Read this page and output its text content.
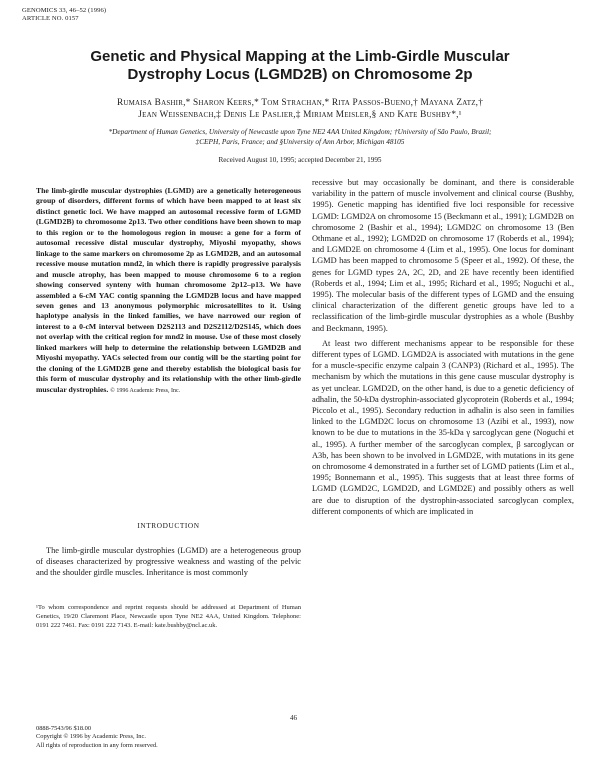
GENOMICS 33, 46–52 (1996)
ARTICLE NO. 0157
Genetic and Physical Mapping at the Limb-Girdle Muscular
Dystrophy Locus (LGMD2B) on Chromosome 2p
Rumaisa Bashir,* Sharon Keers,* Tom Strachan,* Rita Passos-Bueno,† Mayana Zatz,†
Jean Weissenbach,‡ Denis Le Paslier,‡ Miriam Meisler,§ and Kate Bushby*,¹
*Department of Human Genetics, University of Newcastle upon Tyne NE2 4AA United Kingdom; †University of São Paulo, Brazil;
‡CEPH, Paris, France; and §University of Ann Arbor, Michigan 48105
Received August 10, 1995; accepted December 21, 1995
The limb-girdle muscular dystrophies (LGMD) are a genetically heterogeneous group of disorders, different forms of which have been mapped to at least six distinct genetic loci. We have mapped an autosomal recessive form of LGMD (LGMD2B) to chromosome 2p13. Two other conditions have been shown to map to this region or to the homologous region in mouse: a gene for a form of autosomal recessive distal muscular dystrophy, Miyoshi myopathy, shows linkage to the same markers on chromosome 2p as LGMD2B, and an autosomal recessive mouse mutation mnd2, in which there is rapidly progressive paralysis and muscle atrophy, has been mapped to mouse chromosome 6 to a region showing conserved synteny with human chromosome 2p12–p13. We have assembled a 6-cM YAC contig spanning the LGMD2B locus and have mapped seven genes and 13 anonymous polymorphic microsatellites to it. Using haplotype analysis in the linked families, we have narrowed our region of interest to a 0-cM interval between D2S2113 and D2S2112/D2S145, which does not overlap with the critical region for mnd2 in mouse. Use of these most closely linked markers will help to determine the relationship between LGMD2B and Miyoshi myopathy. YACs selected from our contig will be the starting point for the cloning of the LGMD2B gene and thereby establish the biological basis for this form of muscular dystrophy and its relationship with the other limb-girdle muscular dystrophies. © 1996 Academic Press, Inc.
INTRODUCTION
The limb-girdle muscular dystrophies (LGMD) are a heterogeneous group of diseases characterized by progressive weakness and wasting of the pelvic and the shoulder girdle muscles. Inheritance is most commonly
¹To whom correspondence and reprint requests should be addressed at Department of Human Genetics, 19/20 Claremont Place, Newcastle upon Tyne NE2 4AA, United Kingdom. Telephone: 0191 222 7461. Fax: 0191 222 7143. E-mail: kate.bushby@ncl.ac.uk.
46
0888-7543/96 $18.00
Copyright © 1996 by Academic Press, Inc.
All rights of reproduction in any form reserved.

recessive but may occasionally be dominant, and there is considerable variability in the pattern of muscle involvement and clinical course (Bushby, 1995). Genetic mapping has identified five loci responsible for recessive LGMD: LGMD2A on chromosome 15 (Beckmann et al., 1991); LGMD2B on chromosome 2 (Bashir et al., 1994); LGMD2C on chromosome 13 (Ben Othmane et al., 1992); LGMD2D on chromosome 17 (Roberds et al., 1994); and LGMD2E on chromosome 4 (Lim et al., 1995). One locus for dominant LGMD has been mapped to chromosome 5 (Speer et al., 1992). Of these, the genes for LGMD types 2A, 2C, 2D, and 2E have recently been identified (Roberds et al., 1994; Lim et al., 1995; Richard et al., 1995; Noguchi et al., 1995). The molecular basis of the different types of LGMD and the ensuing clinical characterization of the different genetic groups have led to a reclassification of the limb-girdle muscular dystrophies as a whole (Bushby and Beckmann, 1995).

At least two different mechanisms appear to be responsible for these different types of LGMD. LGMD2A is associated with mutations in the gene for a muscle-specific enzyme calpain 3 (CANP3) (Richard et al., 1995). The mechanism by which the mutations in this gene cause muscular dystrophy is as yet unclear. LGMD2D, on the other hand, is due to a genetic deficiency of adhalin, the 50-kDa dystrophin-associated glycoprotein (Roberds et al., 1994; Piccolo et al., 1995). Secondary reduction in adhalin is also seen in families linked to the LGMD2C locus on chromosome 13 (Azibi et al., 1993), now known to be due to mutations in the 35-kDa γ sarcoglycan gene (Noguchi et al., 1995). A further member of the sarcoglycan complex, β sarcoglycan or A3b, has been shown to be involved in LGMD2E, with mutations in its gene on chromosome 4 demonstrated in a further set of LGMD patients (Lim et al., 1995; Bonnemann et al., 1995). This suggests that at least three forms of LGMD (LGMD2C, LGMD2D, and LGMD2E) and possibly others as well are due to disruption of the dystrophin-associated sarcoglycan complex, different components of which are implicated in
